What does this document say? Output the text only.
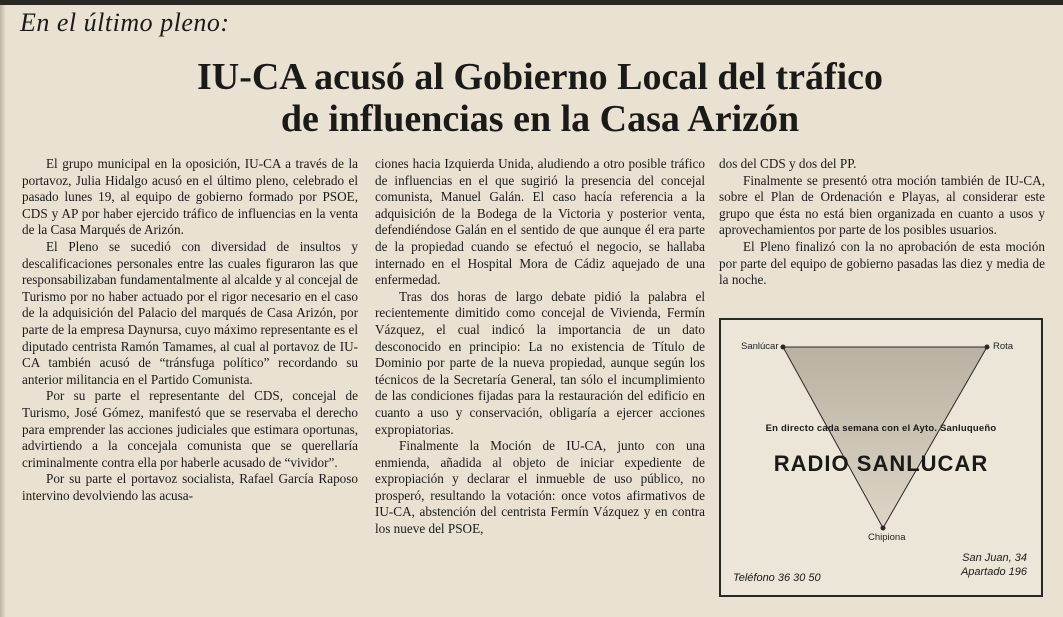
En el último pleno:
IU-CA acusó al Gobierno Local del tráfico
de influencias en la Casa Arizón

El grupo municipal en la oposición, IU-CA a través de la portavoz, Julia Hidalgo acusó en el último pleno, celebrado el pasado lunes 19, al equipo de gobierno formado por PSOE, CDS y AP por haber ejercido tráfico de influencias en la venta de la Casa Marqués de Arizón.

El Pleno se sucedió con diversidad de insultos y descalificaciones personales entre las cuales figuraron las que responsabilizaban fundamentalmente al alcalde y al concejal de Turismo por no haber actuado por el rigor necesario en el caso de la adquisición del Palacio del marqués de Casa Arizón, por parte de la empresa Daynursa, cuyo máximo representante es el diputado centrista Ramón Tamames, al cual al portavoz de IU-CA también acusó de “tránsfuga político” recordando su anterior militancia en el Partido Comunista.

Por su parte el representante del CDS, concejal de Turismo, José Gómez, manifestó que se reservaba el derecho para emprender las acciones judiciales que estimara oportunas, advirtiendo a la concejala comunista que se querellaría criminalmente contra ella por haberle acusado de “vividor”.

Por su parte el portavoz socialista, Rafael García Raposo intervino devolviendo las acusa-

ciones hacia Izquierda Unida, aludiendo a otro posible tráfico de influencias en el que sugirió la presencia del concejal comunista, Manuel Galán. El caso hacía referencia a la adquisición de la Bodega de la Victoria y posterior venta, defendiéndose Galán en el sentido de que aunque él era parte de la propiedad cuando se efectuó el negocio, se hallaba internado en el Hospital Mora de Cádiz aquejado de una enfermedad.

Tras dos horas de largo debate pidió la palabra el recientemente dimitido como concejal de Vivienda, Fermín Vázquez, el cual indicó la importancia de un dato desconocido en principio: La no existencia de Título de Dominio por parte de la nueva propiedad, aunque según los técnicos de la Secretaría General, tan sólo el incumplimiento de las condiciones fijadas para la restauración del edificio en cuanto a uso y conservación, obligaría a ejercer acciones expropiatorias.

Finalmente la Moción de IU-CA, junto con una enmienda, añadida al objeto de iniciar expediente de expropiación y declarar el inmueble de uso público, no prosperó, resultando la votación: once votos afirmativos de IU-CA, abstención del centrista Fermín Vázquez y en contra los nueve del PSOE,

dos del CDS y dos del PP.

Finalmente se presentó otra moción también de IU-CA, sobre el Plan de Ordenación e Playas, al considerar este grupo que ésta no está bien organizada en cuanto a usos y aprovechamientos por parte de los posibles usuarios.

El Pleno finalizó con la no aprobación de esta moción por parte del equipo de gobierno pasadas las diez y media de la noche.

Sanlúcar	Rota
Chipiona
En directo cada semana con el Ayto. Sanluqueño
RADIO SANLUCAR
San Juan, 34
Apartado 196
Teléfono 36 30 50
